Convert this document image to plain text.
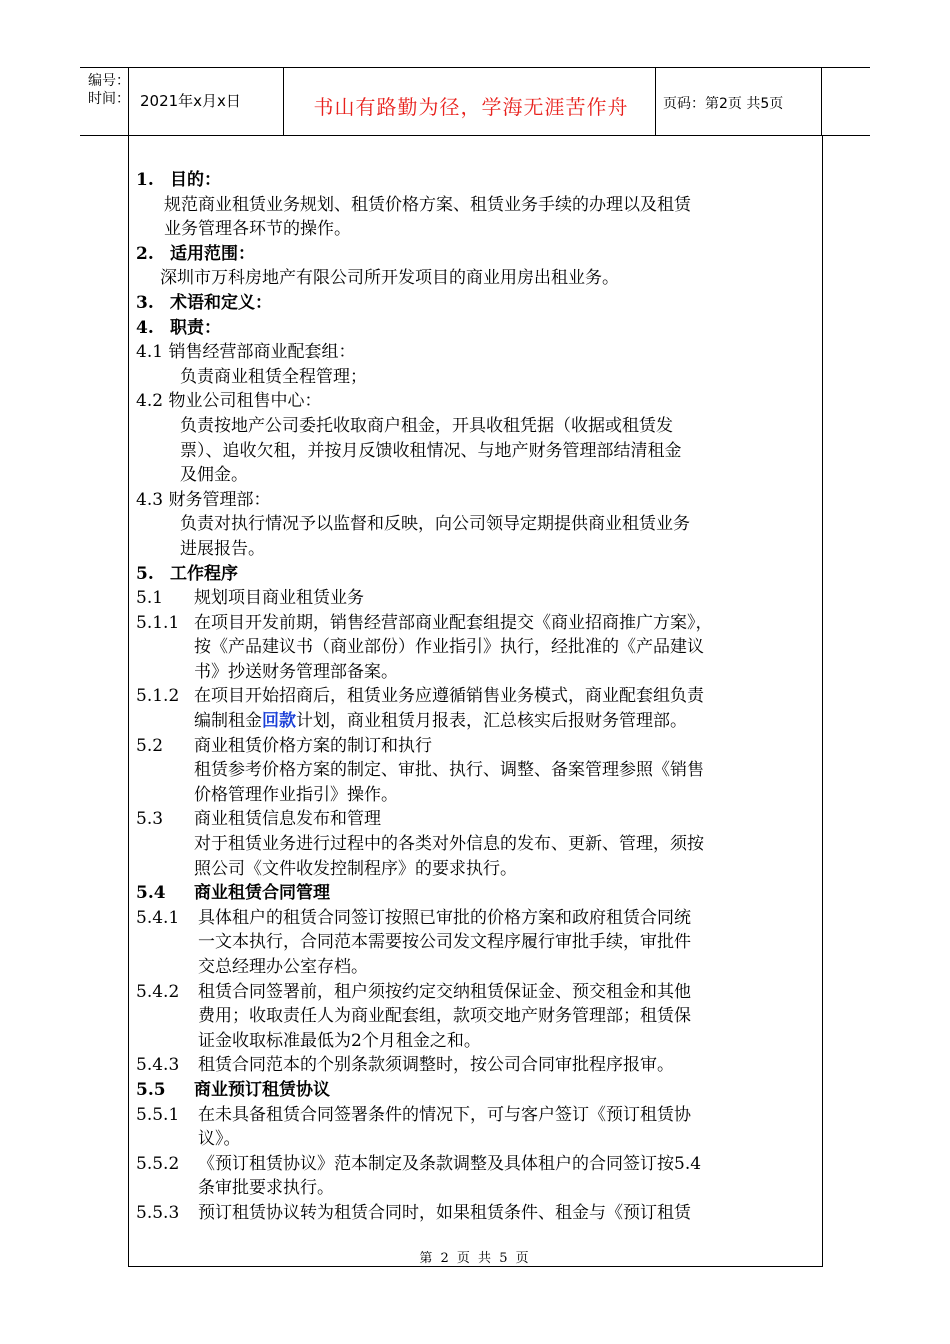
编号：
时间： 2021年x月x日	书山有路勤为径，学海无涯苦作舟	页码：第2页 共5页
1. 目的：
规范商业租赁业务规划、租赁价格方案、租赁业务手续的办理以及租赁
业务管理各环节的操作。
2. 适用范围：
深圳市万科房地产有限公司所开发项目的商业用房出租业务。
3. 术语和定义：
4. 职责：
4.1 销售经营部商业配套组：
负责商业租赁全程管理；
4.2 物业公司租售中心：
负责按地产公司委托收取商户租金，开具收租凭据（收据或租赁发
票）、追收欠租，并按月反馈收租情况、与地产财务管理部结清租金
及佣金。
4.3 财务管理部：
负责对执行情况予以监督和反映，向公司领导定期提供商业租赁业务
进展报告。
5. 工作程序
5.1 规划项目商业租赁业务
5.1.1 在项目开发前期，销售经营部商业配套组提交《商业招商推广方案》，
按《产品建议书（商业部份）作业指引》执行，经批准的《产品建议
书》抄送财务管理部备案。
5.1.2 在项目开始招商后，租赁业务应遵循销售业务模式，商业配套组负责
编制租金回款计划，商业租赁月报表，汇总核实后报财务管理部。
5.2 商业租赁价格方案的制订和执行
租赁参考价格方案的制定、审批、执行、调整、备案管理参照《销售
价格管理作业指引》操作。
5.3 商业租赁信息发布和管理
对于租赁业务进行过程中的各类对外信息的发布、更新、管理，须按
照公司《文件收发控制程序》的要求执行。
5.4 商业租赁合同管理
5.4.1 具体租户的租赁合同签订按照已审批的价格方案和政府租赁合同统
一文本执行，合同范本需要按公司发文程序履行审批手续，审批件
交总经理办公室存档。
5.4.2 租赁合同签署前，租户须按约定交纳租赁保证金、预交租金和其他
费用；收取责任人为商业配套组，款项交地产财务管理部；租赁保
证金收取标准最低为2个月租金之和。
5.4.3 租赁合同范本的个别条款须调整时，按公司合同审批程序报审。
5.5 商业预订租赁协议
5.5.1 在未具备租赁合同签署条件的情况下，可与客户签订《预订租赁协
议》。
5.5.2 《预订租赁协议》范本制定及条款调整及具体租户的合同签订按5.4
条审批要求执行。
5.5.3 预订租赁协议转为租赁合同时，如果租赁条件、租金与《预订租赁
第 2 页 共 5 页
